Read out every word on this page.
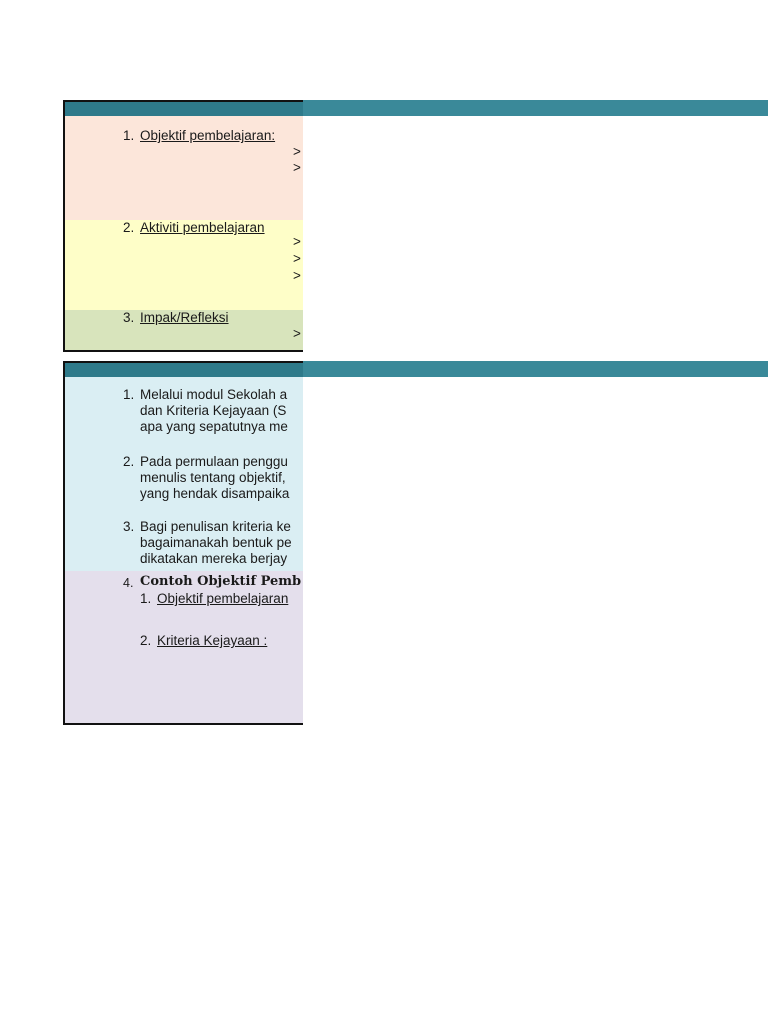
1. Objektif pembelajaran:
>
>
2. Aktiviti pembelajaran
>
>
>
3. Impak/Refleksi
>
1. Melalui modul Sekolah a
dan Kriteria Kejayaan (S
apa yang sepatutnya me
2. Pada permulaan penggu
menulis tentang objektif,
yang hendak disampaika
3. Bagi penulisan kriteria ke
bagaimanakah bentuk pe
dikatakan mereka berjay
4. Contoh Objektif Pemb
1. Objektif pembelajaran
2. Kriteria Kejayaan :
